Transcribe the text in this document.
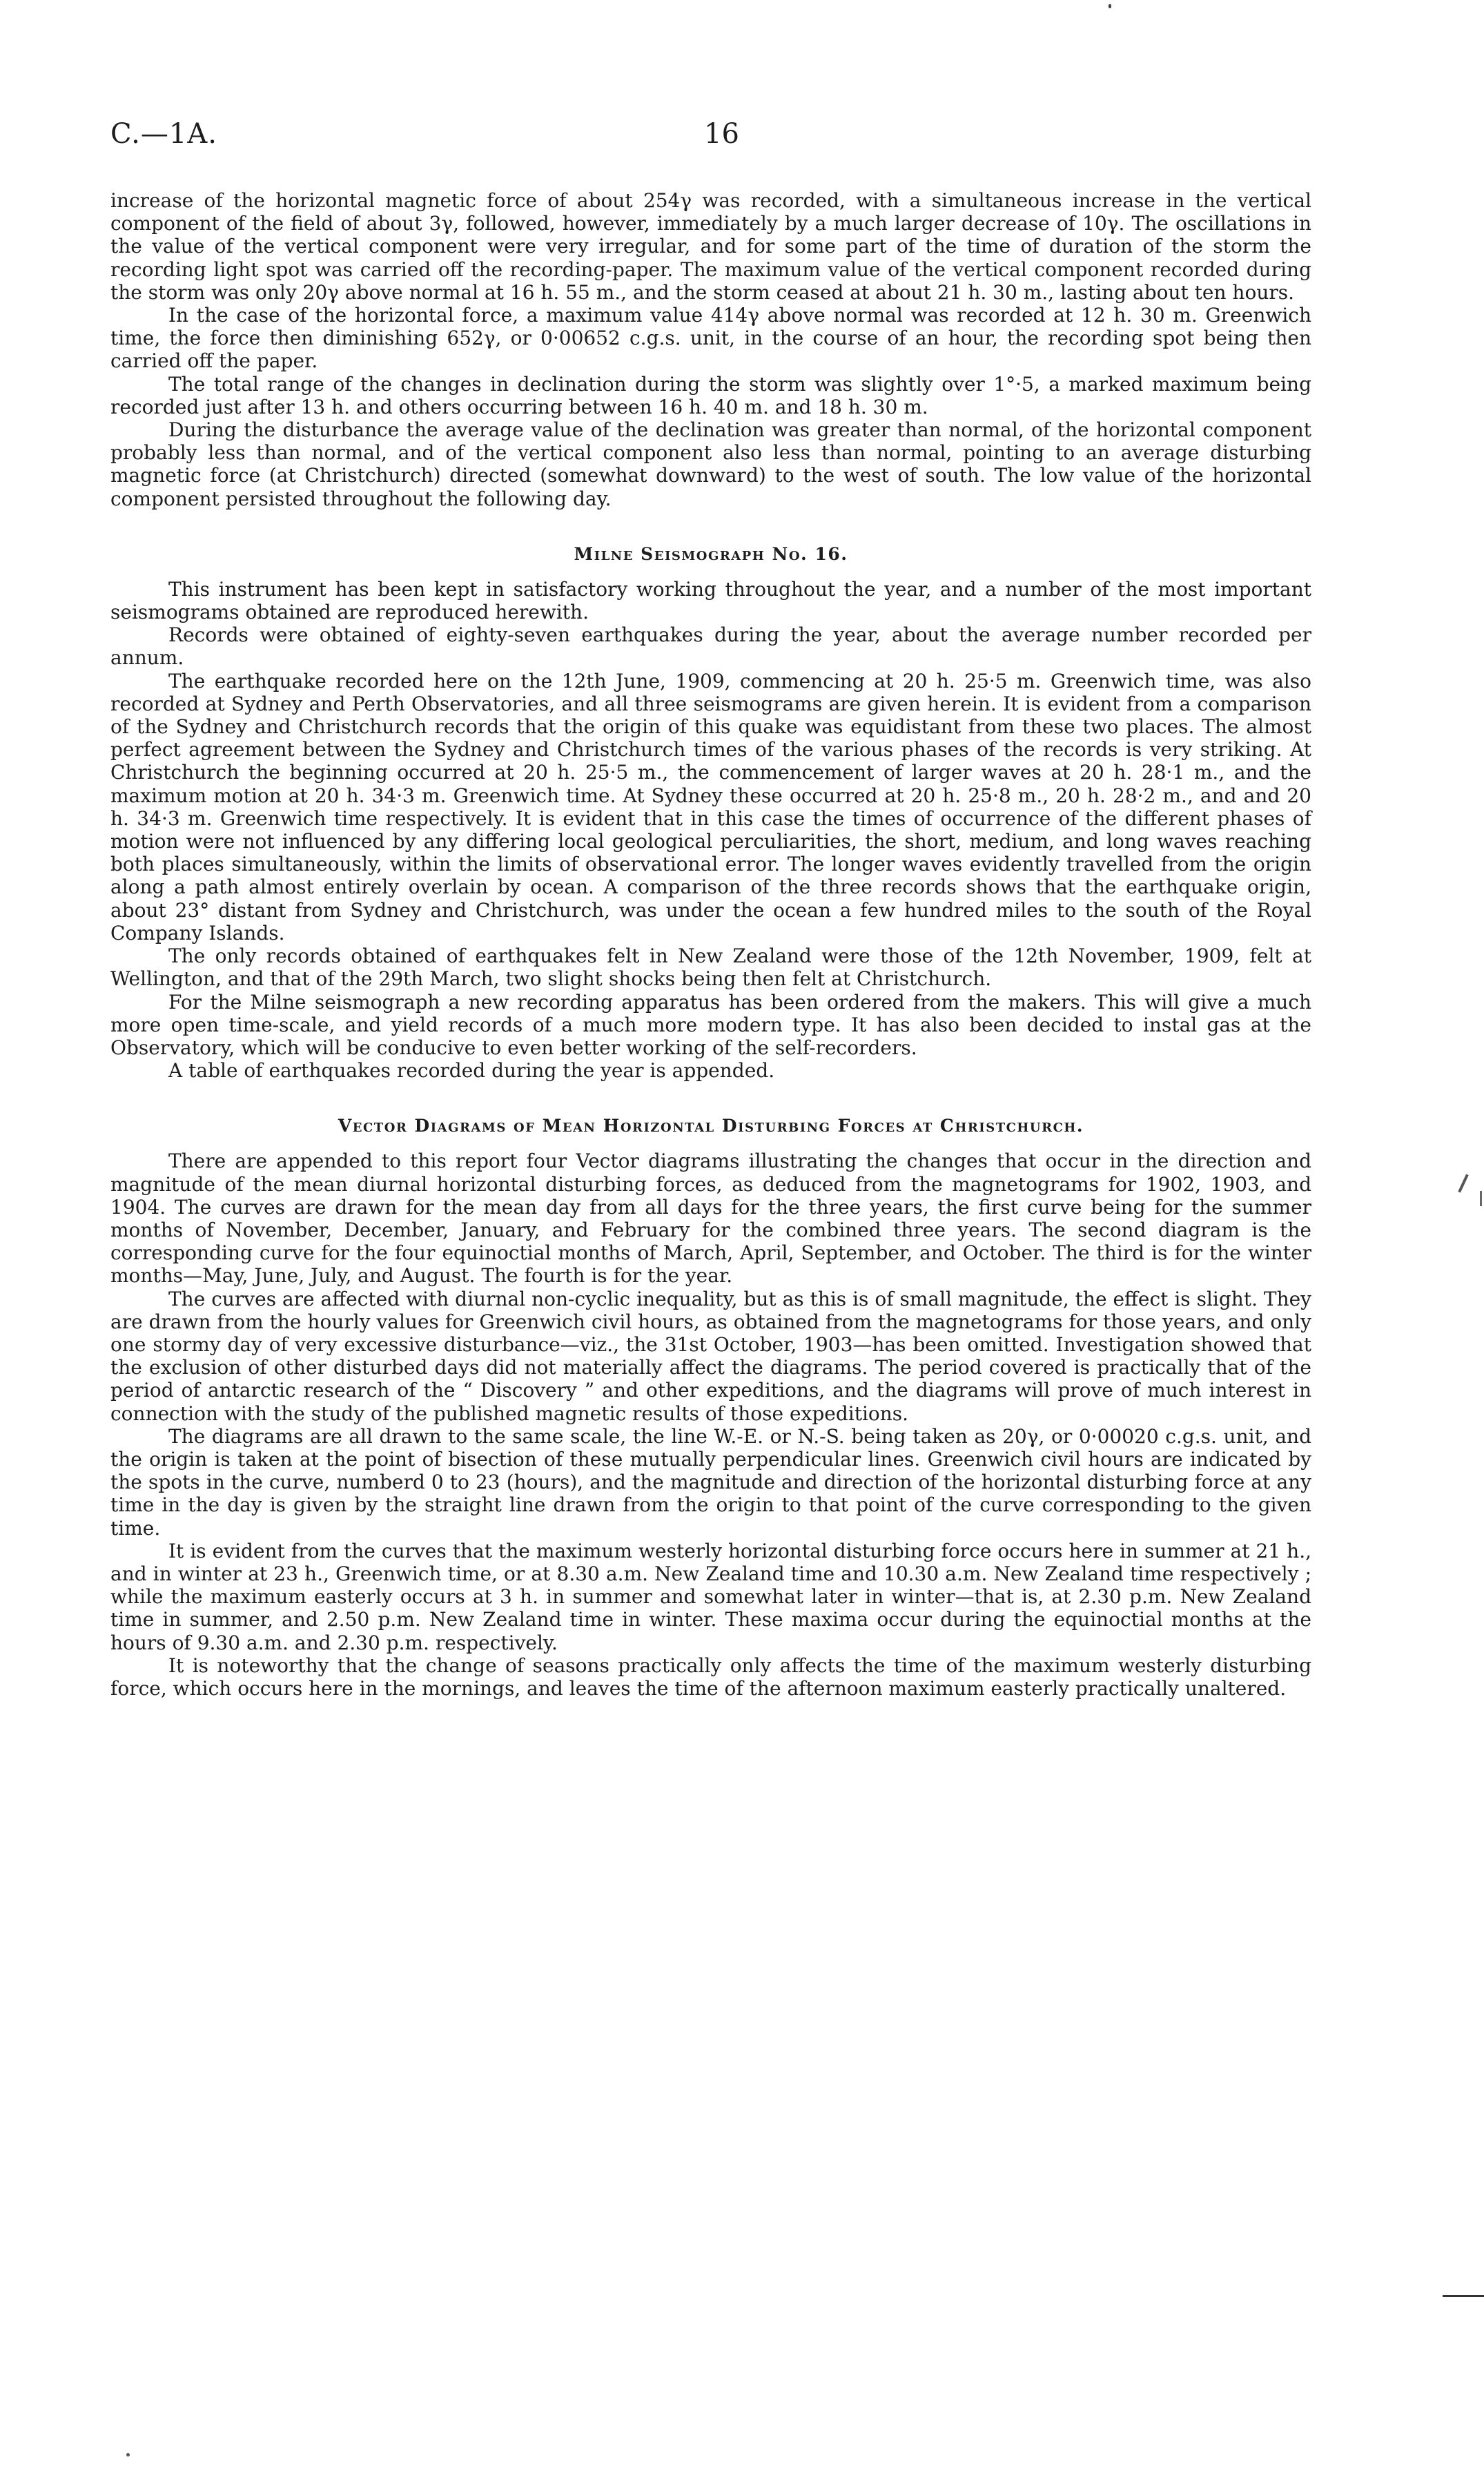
C.—1A.	16

increase of the horizontal magnetic force of about 254γ was recorded, with a simultaneous increase in the vertical component of the field of about 3γ, followed, however, immediately by a much larger decrease of 10γ. The oscillations in the value of the vertical component were very irregular, and for some part of the time of duration of the storm the recording light spot was carried off the recording-paper. The maximum value of the vertical component recorded during the storm was only 20γ above normal at 16 h. 55 m., and the storm ceased at about 21 h. 30 m., lasting about ten hours.

In the case of the horizontal force, a maximum value 414γ above normal was recorded at 12 h. 30 m. Greenwich time, the force then diminishing 652γ, or 0·00652 c.g.s. unit, in the course of an hour, the recording spot being then carried off the paper.

The total range of the changes in declination during the storm was slightly over 1°·5, a marked maximum being recorded just after 13 h. and others occurring between 16 h. 40 m. and 18 h. 30 m.

During the disturbance the average value of the declination was greater than normal, of the horizontal component probably less than normal, and of the vertical component also less than normal, pointing to an average disturbing magnetic force (at Christchurch) directed (somewhat downward) to the west of south. The low value of the horizontal component persisted throughout the following day.

Milne Seismograph No. 16.

This instrument has been kept in satisfactory working throughout the year, and a number of the most important seismograms obtained are reproduced herewith.

Records were obtained of eighty-seven earthquakes during the year, about the average number recorded per annum.

The earthquake recorded here on the 12th June, 1909, commencing at 20 h. 25·5 m. Greenwich time, was also recorded at Sydney and Perth Observatories, and all three seismograms are given herein. It is evident from a comparison of the Sydney and Christchurch records that the origin of this quake was equidistant from these two places. The almost perfect agreement between the Sydney and Christchurch times of the various phases of the records is very striking. At Christchurch the beginning occurred at 20 h. 25·5 m., the commencement of larger waves at 20 h. 28·1 m., and the maximum motion at 20 h. 34·3 m. Greenwich time. At Sydney these occurred at 20 h. 25·8 m., 20 h. 28·2 m., and and 20 h. 34·3 m. Greenwich time respectively. It is evident that in this case the times of occurrence of the different phases of motion were not influenced by any differing local geological perculiarities, the short, medium, and long waves reaching both places simultaneously, within the limits of observational error. The longer waves evidently travelled from the origin along a path almost entirely overlain by ocean. A comparison of the three records shows that the earthquake origin, about 23° distant from Sydney and Christchurch, was under the ocean a few hundred miles to the south of the Royal Company Islands.

The only records obtained of earthquakes felt in New Zealand were those of the 12th November, 1909, felt at Wellington, and that of the 29th March, two slight shocks being then felt at Christchurch.

For the Milne seismograph a new recording apparatus has been ordered from the makers. This will give a much more open time-scale, and yield records of a much more modern type. It has also been decided to instal gas at the Observatory, which will be conducive to even better working of the self-recorders.

A table of earthquakes recorded during the year is appended.

Vector Diagrams of Mean Horizontal Disturbing Forces at Christchurch.

There are appended to this report four Vector diagrams illustrating the changes that occur in the direction and magnitude of the mean diurnal horizontal disturbing forces, as deduced from the magnetograms for 1902, 1903, and 1904. The curves are drawn for the mean day from all days for the three years, the first curve being for the summer months of November, December, January, and February for the combined three years. The second diagram is the corresponding curve for the four equinoctial months of March, April, September, and October. The third is for the winter months—May, June, July, and August. The fourth is for the year.

The curves are affected with diurnal non-cyclic inequality, but as this is of small magnitude, the effect is slight. They are drawn from the hourly values for Greenwich civil hours, as obtained from the magnetograms for those years, and only one stormy day of very excessive disturbance—viz., the 31st October, 1903—has been omitted. Investigation showed that the exclusion of other disturbed days did not materially affect the diagrams. The period covered is practically that of the period of antarctic research of the “ Discovery ” and other expeditions, and the diagrams will prove of much interest in connection with the study of the published magnetic results of those expeditions.

The diagrams are all drawn to the same scale, the line W.-E. or N.-S. being taken as 20γ, or 0·00020 c.g.s. unit, and the origin is taken at the point of bisection of these mutually perpendicular lines. Greenwich civil hours are indicated by the spots in the curve, numberd 0 to 23 (hours), and the magnitude and direction of the horizontal disturbing force at any time in the day is given by the straight line drawn from the origin to that point of the curve corresponding to the given time.

It is evident from the curves that the maximum westerly horizontal disturbing force occurs here in summer at 21 h., and in winter at 23 h., Greenwich time, or at 8.30 a.m. New Zealand time and 10.30 a.m. New Zealand time respectively ; while the maximum easterly occurs at 3 h. in summer and somewhat later in winter—that is, at 2.30 p.m. New Zealand time in summer, and 2.50 p.m. New Zealand time in winter. These maxima occur during the equinoctial months at the hours of 9.30 a.m. and 2.30 p.m. respectively.

It is noteworthy that the change of seasons practically only affects the time of the maximum westerly disturbing force, which occurs here in the mornings, and leaves the time of the afternoon maximum easterly practically unaltered.
